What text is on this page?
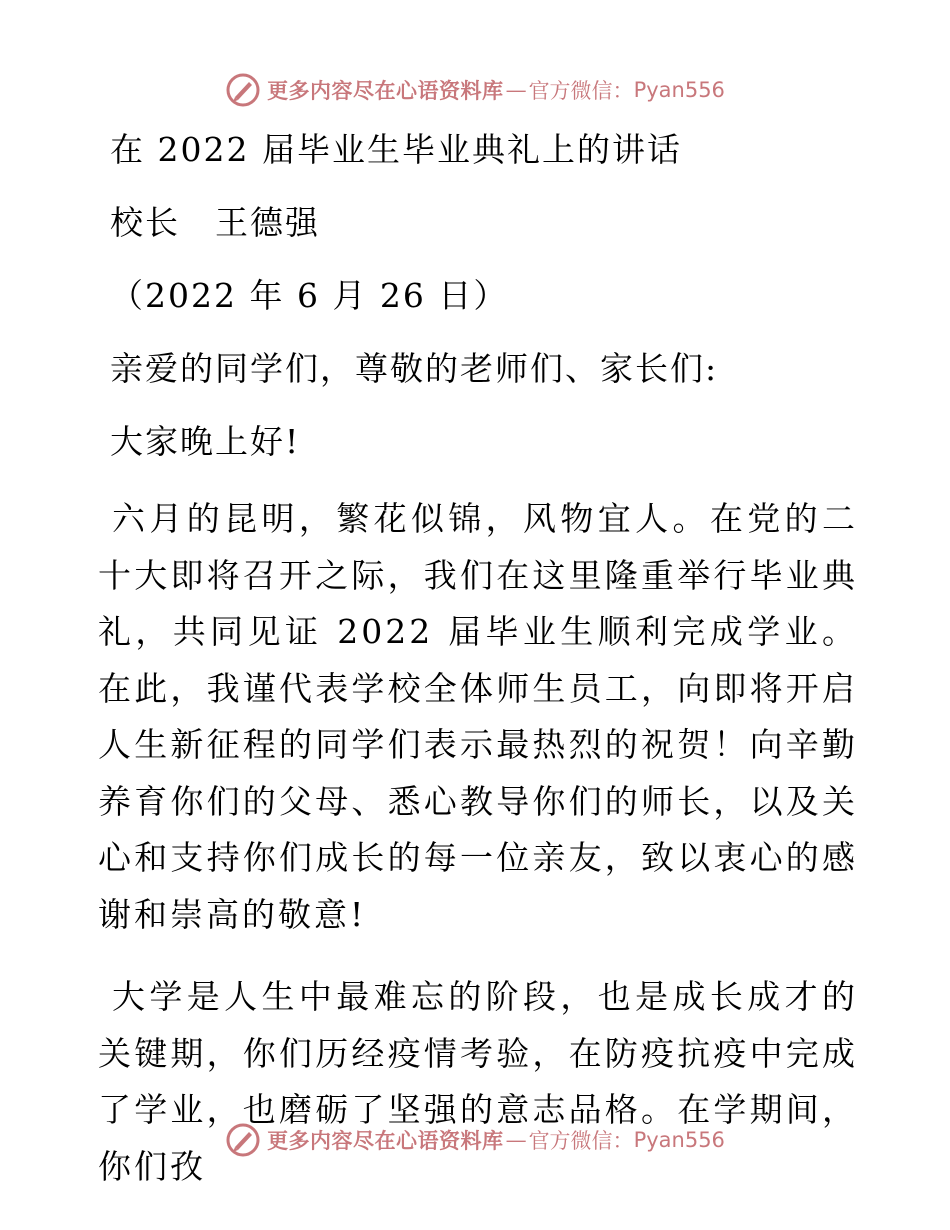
更多内容尽在心语资料库 — 官方微信： Pyan556

在 2022 届毕业生毕业典礼上的讲话

校长　王德强

（2022 年 6 月 26 日）

亲爱的同学们，尊敬的老师们、家长们:

大家晚上好!

六月的昆明，繁花似锦，风物宜人。在党的二十大即将召开之际，我们在这里隆重举行毕业典礼，共同见证 2022 届毕业生顺利完成学业。在此，我谨代表学校全体师生员工，向即将开启人生新征程的同学们表示最热烈的祝贺！向辛勤养育你们的父母、悉心教导你们的师长，以及关心和支持你们成长的每一位亲友，致以衷心的感谢和崇高的敬意!

大学是人生中最难忘的阶段，也是成长成才的关键期，你们历经疫情考验，在防疫抗疫中完成了学业，也磨砺了坚强的意志品格。在学期间，你们孜

更多内容尽在心语资料库 — 官方微信： Pyan556
